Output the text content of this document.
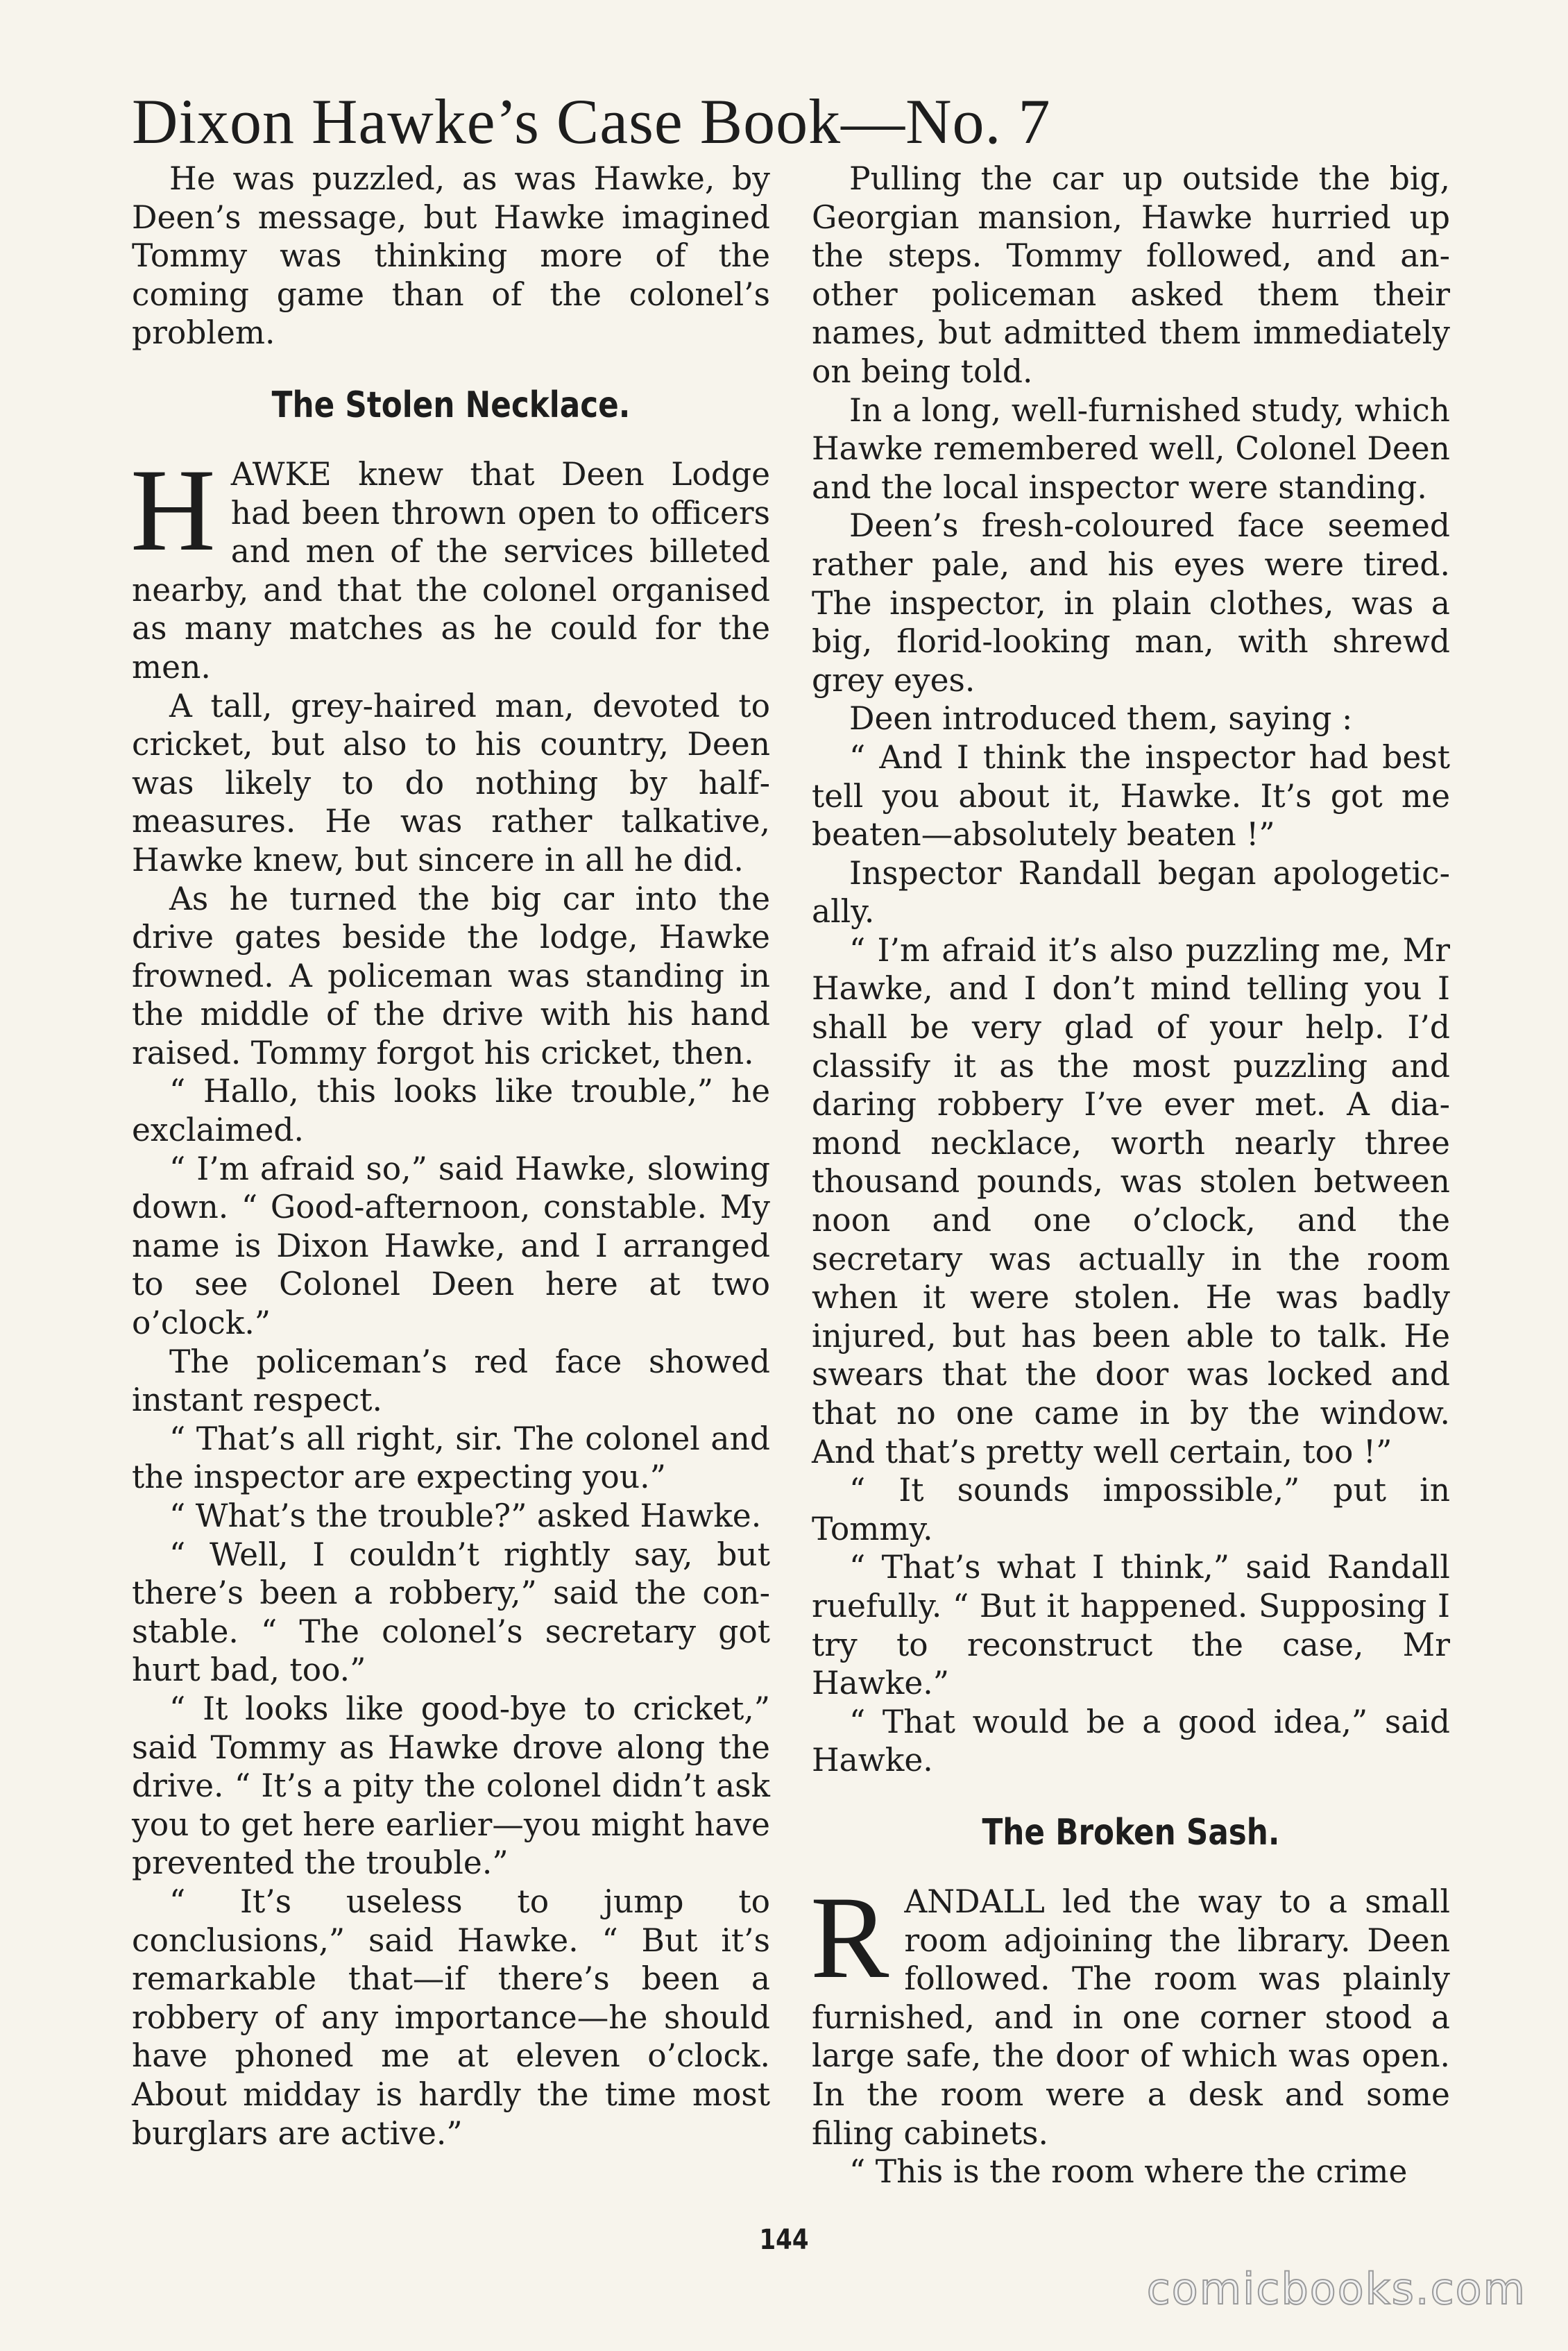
Dixon Hawke’s Case Book—No. 7

He was puzzled, as was Hawke, by Deen’s message, but Hawke imagined Tommy was thinking more of the coming game than of the colonel’s problem.

The Stolen Necklace.

HAWKE knew that Deen Lodge had been thrown open to officers and men of the services billeted nearby, and that the colonel organised as many matches as he could for the men.

A tall, grey-haired man, devoted to cricket, but also to his country, Deen was likely to do nothing by halfmeasures. He was rather talkative, Hawke knew, but sincere in all he did.

As he turned the big car into the drive gates beside the lodge, Hawke frowned. A policeman was standing in the middle of the drive with his hand raised. Tommy forgot his cricket, then.

“ Hallo, this looks like trouble,” he exclaimed.

“ I’m afraid so,” said Hawke, slowing down. “ Good-afternoon, constable. My name is Dixon Hawke, and I arranged to see Colonel Deen here at two o’clock.”

The policeman’s red face showed instant respect.

“ That’s all right, sir. The colonel and the inspector are expecting you.”

“ What’s the trouble?” asked Hawke.

“ Well, I couldn’t rightly say, but there’s been a robbery,” said the constable. “ The colonel’s secretary got hurt bad, too.”

“ It looks like good-bye to cricket,” said Tommy as Hawke drove along the drive. “ It’s a pity the colonel didn’t ask you to get here earlier—you might have prevented the trouble.”

“ It’s useless to jump to conclusions,” said Hawke. “ But it’s remarkable that—if there’s been a robbery of any importance—he should have phoned me at eleven o’clock. About midday is hardly the time most burglars are active.”

Pulling the car up outside the big, Georgian mansion, Hawke hurried up the steps. Tommy followed, and another policeman asked them their names, but admitted them immediately on being told.

In a long, well-furnished study, which Hawke remembered well, Colonel Deen and the local inspector were standing.

Deen’s fresh-coloured face seemed rather pale, and his eyes were tired. The inspector, in plain clothes, was a big, florid-looking man, with shrewd grey eyes.

Deen introduced them, saying :

“ And I think the inspector had best tell you about it, Hawke. It’s got me beaten—absolutely beaten !”

Inspector Randall began apologetically.

“ I’m afraid it’s also puzzling me, Mr Hawke, and I don’t mind telling you I shall be very glad of your help. I’d classify it as the most puzzling and daring robbery I’ve ever met. A diamond necklace, worth nearly three thousand pounds, was stolen between noon and one o’clock, and the secretary was actually in the room when it were stolen. He was badly injured, but has been able to talk. He swears that the door was locked and that no one came in by the window. And that’s pretty well certain, too !”

“ It sounds impossible,” put in Tommy.

“ That’s what I think,” said Randall ruefully. “ But it happened. Supposing I try to reconstruct the case, Mr Hawke.”

“ That would be a good idea,” said Hawke.

The Broken Sash.

RANDALL led the way to a small room adjoining the library. Deen followed. The room was plainly furnished, and in one corner stood a large safe, the door of which was open. In the room were a desk and some filing cabinets.

“ This is the room where the crime

144
comicbooks.com
